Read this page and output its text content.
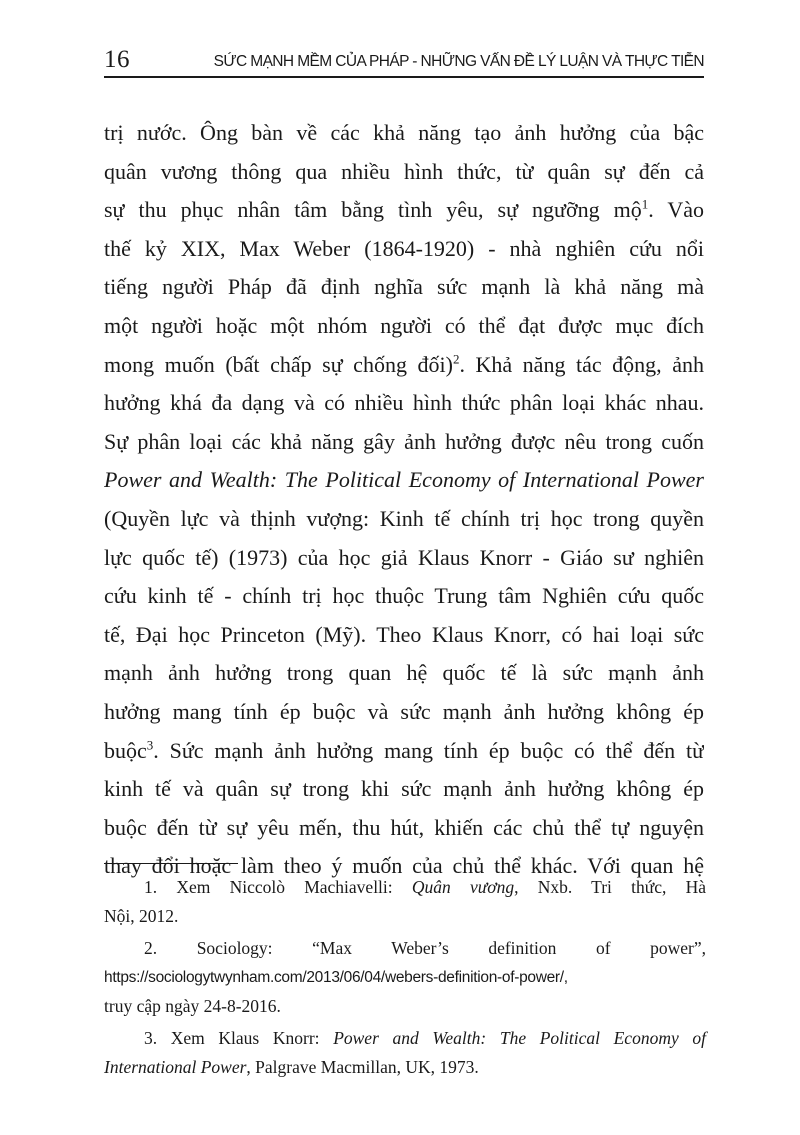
16	SỨC MẠNH MỀM CỦA PHÁP - NHỮNG VẤN ĐỀ LÝ LUẬN VÀ THỰC TIỄN
trị nước. Ông bàn về các khả năng tạo ảnh hưởng của bậc
quân vương thông qua nhiều hình thức, từ quân sự đến cả
sự thu phục nhân tâm bằng tình yêu, sự ngưỡng mộ$^1$. Vào
thế kỷ XIX, Max Weber (1864-1920) - nhà nghiên cứu nổi
tiếng người Pháp đã định nghĩa sức mạnh là khả năng mà
một người hoặc một nhóm người có thể đạt được mục đích
mong muốn (bất chấp sự chống đối)$^2$. Khả năng tác động, ảnh
hưởng khá đa dạng và có nhiều hình thức phân loại khác nhau.
Sự phân loại các khả năng gây ảnh hưởng được nêu trong cuốn
Power and Wealth: The Political Economy of International Power
(Quyền lực và thịnh vượng: Kinh tế chính trị học trong quyền
lực quốc tế) (1973) của học giả Klaus Knorr - Giáo sư nghiên
cứu kinh tế - chính trị học thuộc Trung tâm Nghiên cứu quốc
tế, Đại học Princeton (Mỹ). Theo Klaus Knorr, có hai loại sức
mạnh ảnh hưởng trong quan hệ quốc tế là sức mạnh ảnh
hưởng mang tính ép buộc và sức mạnh ảnh hưởng không ép
buộc$^3$. Sức mạnh ảnh hưởng mang tính ép buộc có thể đến từ
kinh tế và quân sự trong khi sức mạnh ảnh hưởng không ép
buộc đến từ sự yêu mến, thu hút, khiến các chủ thể tự nguyện
thay đổi hoặc làm theo ý muốn của chủ thể khác. Với quan hệ
1. Xem Niccolò Machiavelli: Quân vương, Nxb. Tri thức, Hà
Nội, 2012.
2. Sociology: “Max Weber’s definition of power”,
https://sociologytwynham.com/2013/06/04/webers-definition-of-power/,
truy cập ngày 24-8-2016.
3. Xem Klaus Knorr: Power and Wealth: The Political Economy of
International Power, Palgrave Macmillan, UK, 1973.
